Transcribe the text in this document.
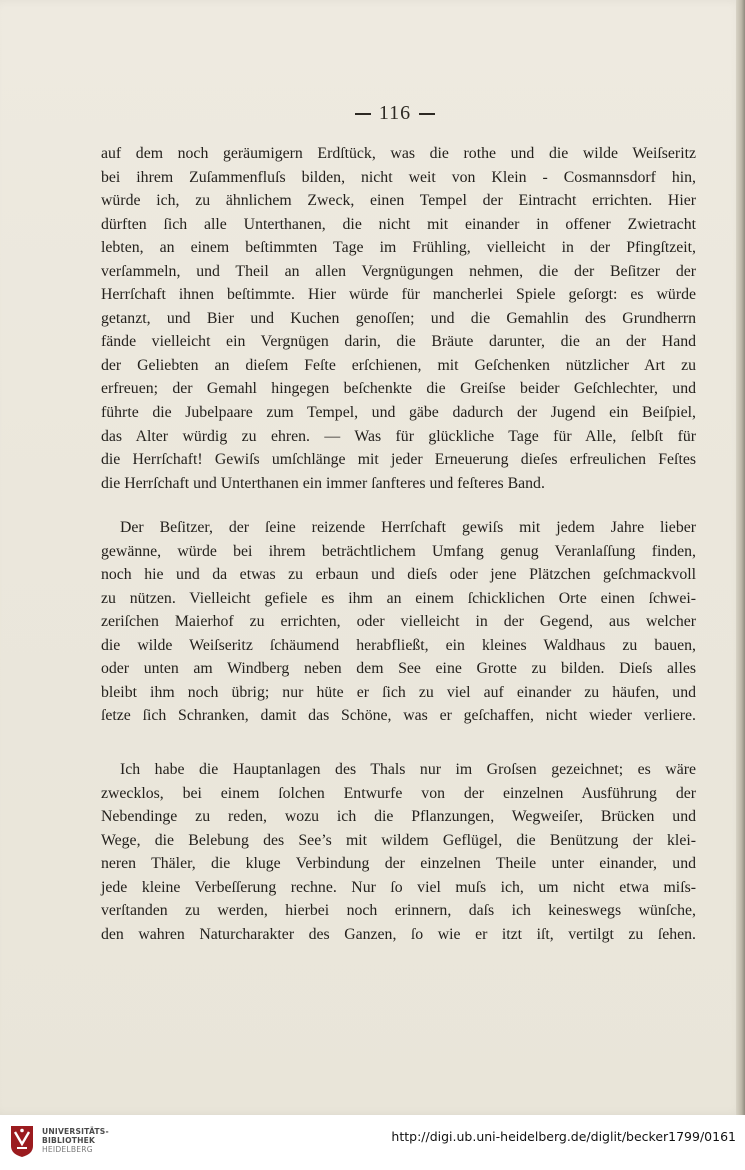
116
auf dem noch geräumigern Erdſtück, was die rothe und die wilde Weiſseritz
bei ihrem Zuſammenfluſs bilden, nicht weit von Klein - Cosmannsdorf hin,
würde ich, zu ähnlichem Zweck, einen Tempel der Eintracht errichten. Hier
dürften ſich alle Unterthanen, die nicht mit einander in offener Zwietracht
lebten, an einem beſtimmten Tage im Frühling, vielleicht in der Pfingſtzeit,
verſammeln, und Theil an allen Vergnügungen nehmen, die der Beſitzer der
Herrſchaft ihnen beſtimmte. Hier würde für mancherlei Spiele geſorgt: es würde
getanzt, und Bier und Kuchen genoſſen; und die Gemahlin des Grundherrn
fände vielleicht ein Vergnügen darin, die Bräute darunter, die an der Hand
der Geliebten an dieſem Feſte erſchienen, mit Geſchenken nützlicher Art zu
erfreuen; der Gemahl hingegen beſchenkte die Greiſse beider Geſchlechter, und
führte die Jubelpaare zum Tempel, und gäbe dadurch der Jugend ein Beiſpiel,
das Alter würdig zu ehren. — Was für glückliche Tage für Alle, ſelbſt für
die Herrſchaft! Gewiſs umſchlänge mit jeder Erneuerung dieſes erfreulichen Feſtes
die Herrſchaft und Unterthanen ein immer ſanfteres und feſteres Band.
Der Beſitzer, der ſeine reizende Herrſchaft gewiſs mit jedem Jahre lieber
gewänne, würde bei ihrem beträchtlichem Umfang genug Veranlaſſung finden,
noch hie und da etwas zu erbaun und dieſs oder jene Plätzchen geſchmackvoll
zu nützen. Vielleicht gefiele es ihm an einem ſchicklichen Orte einen ſchwei-
zeriſchen Maierhof zu errichten, oder vielleicht in der Gegend, aus welcher
die wilde Weiſseritz ſchäumend herabfließt, ein kleines Waldhaus zu bauen,
oder unten am Windberg neben dem See eine Grotte zu bilden. Dieſs alles
bleibt ihm noch übrig; nur hüte er ſich zu viel auf einander zu häufen, und
ſetze ſich Schranken, damit das Schöne, was er geſchaffen, nicht wieder verliere.
Ich habe die Hauptanlagen des Thals nur im Groſsen gezeichnet; es wäre
zwecklos, bei einem ſolchen Entwurfe von der einzelnen Ausführung der
Nebendinge zu reden, wozu ich die Pflanzungen, Wegweiſer, Brücken und
Wege, die Belebung des See’s mit wildem Geflügel, die Benützung der klei-
neren Thäler, die kluge Verbindung der einzelnen Theile unter einander, und
jede kleine Verbeſſerung rechne. Nur ſo viel muſs ich, um nicht etwa miſs-
verſtanden zu werden, hierbei noch erinnern, daſs ich keineswegs wünſche,
den wahren Naturcharakter des Ganzen, ſo wie er itzt iſt, vertilgt zu ſehen.
UNIVERSITÄTS-
BIBLIOTHEK
HEIDELBERG
http://digi.ub.uni-heidelberg.de/diglit/becker1799/0161
